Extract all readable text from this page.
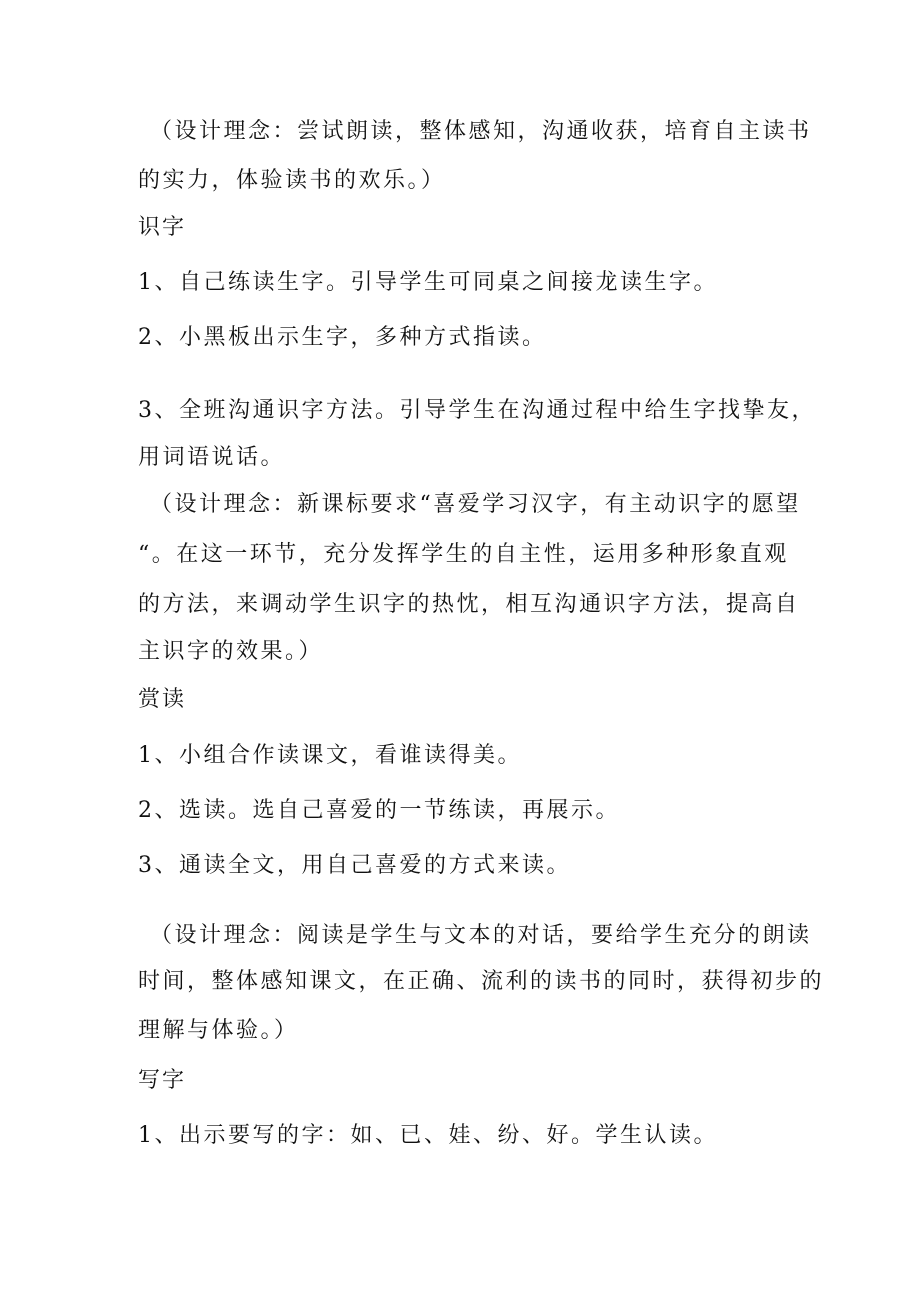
（设计理念：尝试朗读，整体感知，沟通收获，培育自主读书
的实力，体验读书的欢乐。）
识字
1、自己练读生字。引导学生可同桌之间接龙读生字。
2、小黑板出示生字，多种方式指读。
3、全班沟通识字方法。引导学生在沟通过程中给生字找挚友，
用词语说话。
（设计理念：新课标要求“喜爱学习汉字，有主动识字的愿望
“。在这一环节，充分发挥学生的自主性，运用多种形象直观
的方法，来调动学生识字的热忱，相互沟通识字方法，提高自
主识字的效果。）
赏读
1、小组合作读课文，看谁读得美。
2、选读。选自己喜爱的一节练读，再展示。
3、通读全文，用自己喜爱的方式来读。
（设计理念：阅读是学生与文本的对话，要给学生充分的朗读
时间，整体感知课文，在正确、流利的读书的同时，获得初步的
理解与体验。）
写字
1、出示要写的字：如、已、娃、纷、好。学生认读。
